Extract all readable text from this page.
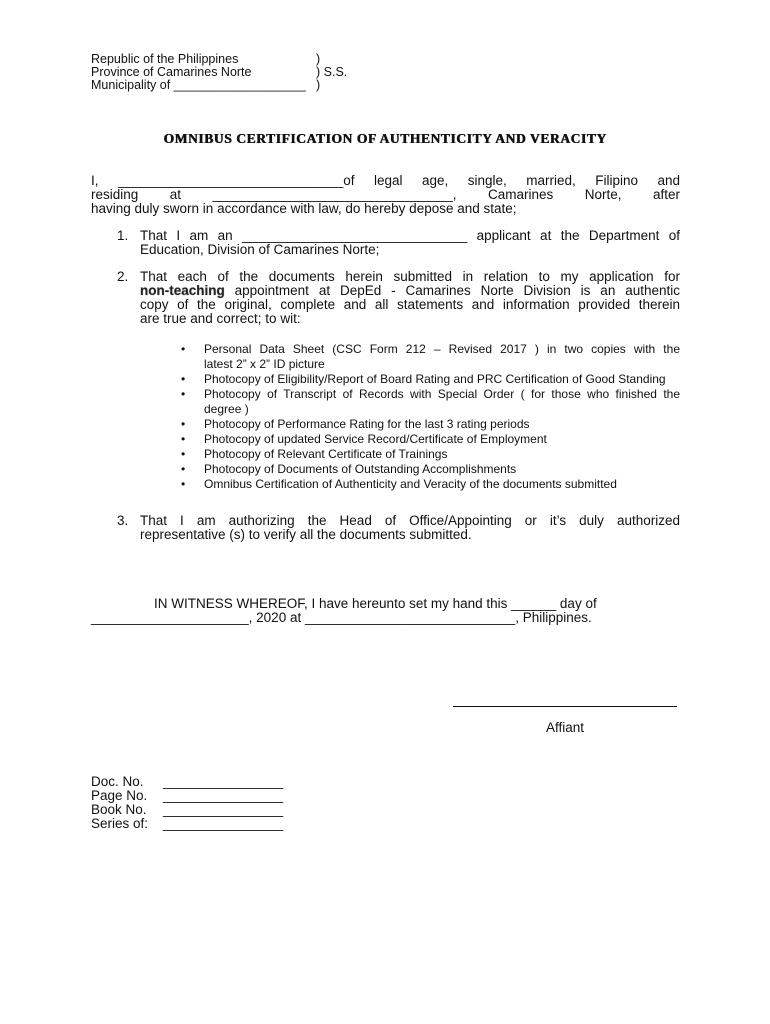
Republic of the Philippines	)
Province of Camarines Norte	) S.S.
Municipality of ___________________ )
OMNIBUS CERTIFICATION OF AUTHENTICITY AND VERACITY
I, ______________________________of legal age, single, married, Filipino and
residing at ________________________________, Camarines Norte, after
having duly sworn in accordance with law, do hereby depose and state;
1. That I am an ______________________________ applicant at the Department of
Education, Division of Camarines Norte;
2. That each of the documents herein submitted in relation to my application for
non-teaching appointment at DepEd - Camarines Norte Division is an authentic
copy of the original, complete and all statements and information provided therein
are true and correct; to wit:
• Personal Data Sheet (CSC Form 212 – Revised 2017 ) in two copies with the
latest 2” x 2” ID picture
• Photocopy of Eligibility/Report of Board Rating and PRC Certification of Good Standing
• Photocopy of Transcript of Records with Special Order ( for those who finished the
degree )
• Photocopy of Performance Rating for the last 3 rating periods
• Photocopy of updated Service Record/Certificate of Employment
• Photocopy of Relevant Certificate of Trainings
• Photocopy of Documents of Outstanding Accomplishments
• Omnibus Certification of Authenticity and Veracity of the documents submitted
3. That I am authorizing the Head of Office/Appointing or it’s duly authorized
representative (s) to verify all the documents submitted.
IN WITNESS WHEREOF, I have hereunto set my hand this ______ day of
_____________________, 2020 at ____________________________, Philippines.
Affiant
Doc. No.	________________
Page No.	________________
Book No.	________________
Series of:	________________
